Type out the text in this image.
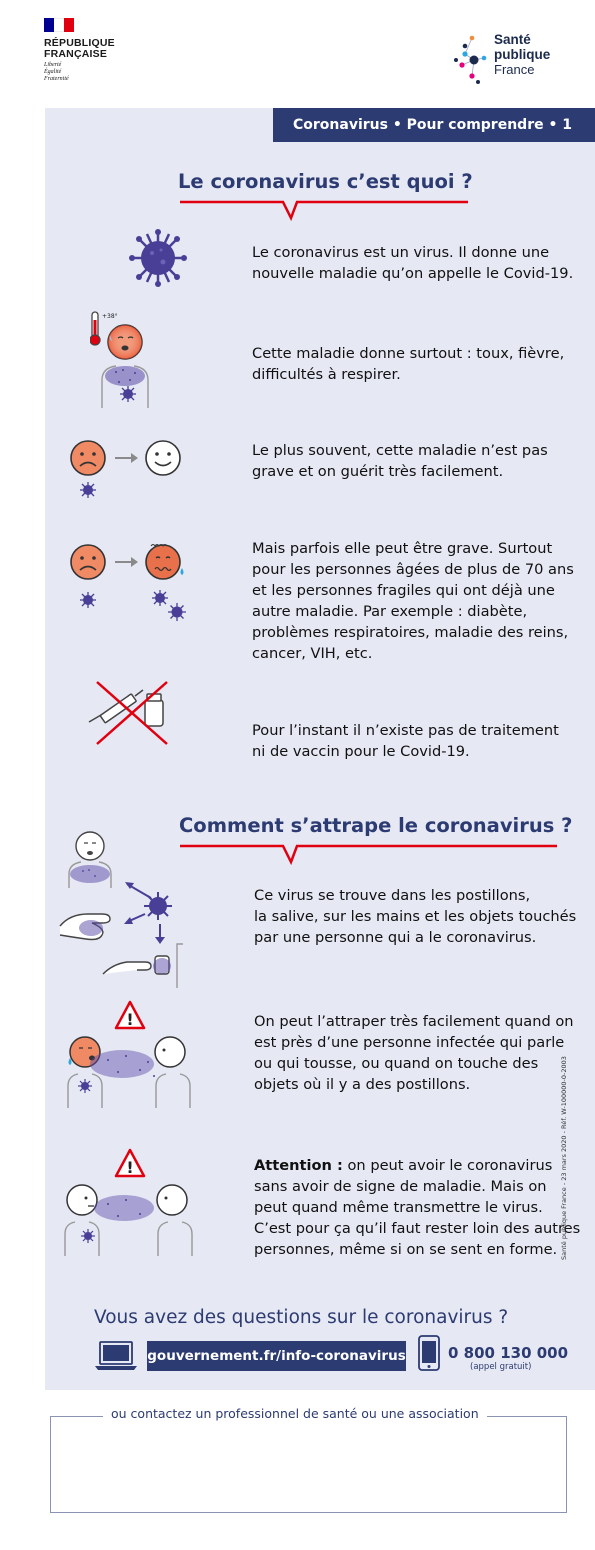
RÉPUBLIQUE
FRANÇAISE
Liberté
Égalité
Fraternité
Santé
publique
France
Coronavirus • Pour comprendre • 1
Le coronavirus c’est quoi ?
Le coronavirus est un virus. Il donne une
nouvelle maladie qu’on appelle le Covid-19.
+38°
Cette maladie donne surtout : toux, fièvre,
difficultés à respirer.
Le plus souvent, cette maladie n’est pas
grave et on guérit très facilement.
Mais parfois elle peut être grave. Surtout
pour les personnes âgées de plus de 70 ans
et les personnes fragiles qui ont déjà une
autre maladie. Par exemple : diabète,
problèmes respiratoires, maladie des reins,
cancer, VIH, etc.
Pour l’instant il n’existe pas de traitement
ni de vaccin pour le Covid-19.
Comment s’attrape le coronavirus ?
Ce virus se trouve dans les postillons,
la salive, sur les mains et les objets touchés
par une personne qui a le coronavirus.
!	On peut l’attraper très facilement quand on
est près d’une personne infectée qui parle
ou qui tousse, ou quand on touche des
objets où il y a des postillons.
!	Attention : on peut avoir le coronavirus
sans avoir de signe de maladie. Mais on
peut quand même transmettre le virus.
C’est pour ça qu’il faut rester loin des autres
personnes, même si on se sent en forme. Santé publique France - 23 mars 2020 - Réf. W-100000-0-2003
Vous avez des questions sur le coronavirus ?
gouvernement.fr/info-coronavirus	0 800 130 000
(appel gratuit)
ou contactez un professionnel de santé ou une association
